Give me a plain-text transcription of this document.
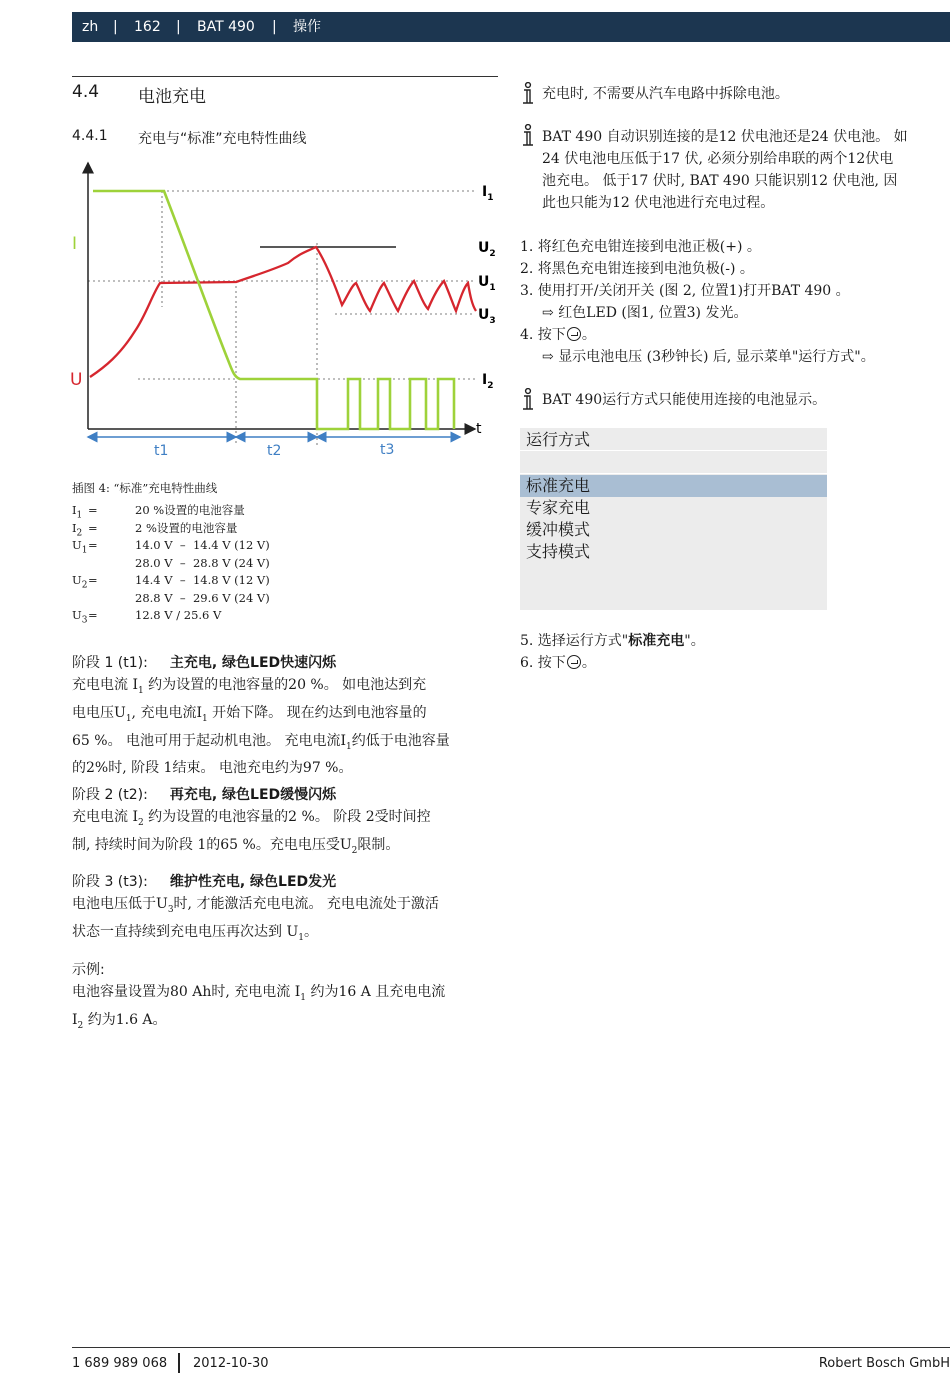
zh | 162 | BAT 490 | 操作
4.4 电池充电
4.4.1 充电与“标准”充电特性曲线
I
U
$I_1$
$U_2$
$U_1$
$U_3$
$I_2$
t
t1	t2	t3
插图 4: “标准”充电特性曲线
$I_1$ =	20 %设置的电池容量
$I_2$ =	2 %设置的电池容量
$U_1$ =	14.0 V  –  14.4 V (12 V)
28.0 V  –  28.8 V (24 V)
$U_2$ =	14.4 V  –  14.8 V (12 V)
28.8 V  –  29.6 V (24 V)
$U_3$ =	12.8 V / 25.6 V
阶段 1 (t1): 主充电, 绿色LED快速闪烁
充电电流 $I_1$ 约为设置的电池容量的20 %。 如电池达到充
电电压$U_1$, 充电电流$I_1$ 开始下降。 现在约达到电池容量的
65 %。 电池可用于起动机电池。 充电电流$I_1$约低于电池容量
的2%时, 阶段 1结束。 电池充电约为97 %。
阶段 2 (t2): 再充电, 绿色LED缓慢闪烁
充电电流 $I_2$ 约为设置的电池容量的2 %。 阶段 2受时间控
制, 持续时间为阶段 1的65 %。充电电压受$U_2$限制。
阶段 3 (t3): 维护性充电, 绿色LED发光
电池电压低于$U_3$时, 才能激活充电电流。 充电电流处于激活
状态一直持续到充电电压再次达到 $U_1$。
示例:
电池容量设置为80 Ah时, 充电电流 $I_1$ 约为16 A 且充电电流
$I_2$ 约为1.6 A。
充电时, 不需要从汽车电路中拆除电池。
BAT 490 自动识别连接的是12 伏电池还是24 伏电池。 如
24 伏电池电压低于17 伏, 必须分别给串联的两个12伏电
池充电。 低于17 伏时, BAT 490 只能识别12 伏电池, 因
此也只能为12 伏电池进行充电过程。
1. 将红色充电钳连接到电池正极(+) 。
2. 将黑色充电钳连接到电池负极(-) 。
3. 使用打开/关闭开关 (图 2, 位置1)打开BAT 490 。
⇨ 红色LED (图1, 位置3) 发光。
4. 按下 。
⇨ 显示电池电压 (3秒钟长) 后, 显示菜单"运行方式"。
BAT 490运行方式只能使用连接的电池显示。
运行方式
标准充电
专家充电
缓冲模式
支持模式
5. 选择运行方式"标准充电"。
6. 按下 。
1 689 989 068 2012-10-30	Robert Bosch GmbH
